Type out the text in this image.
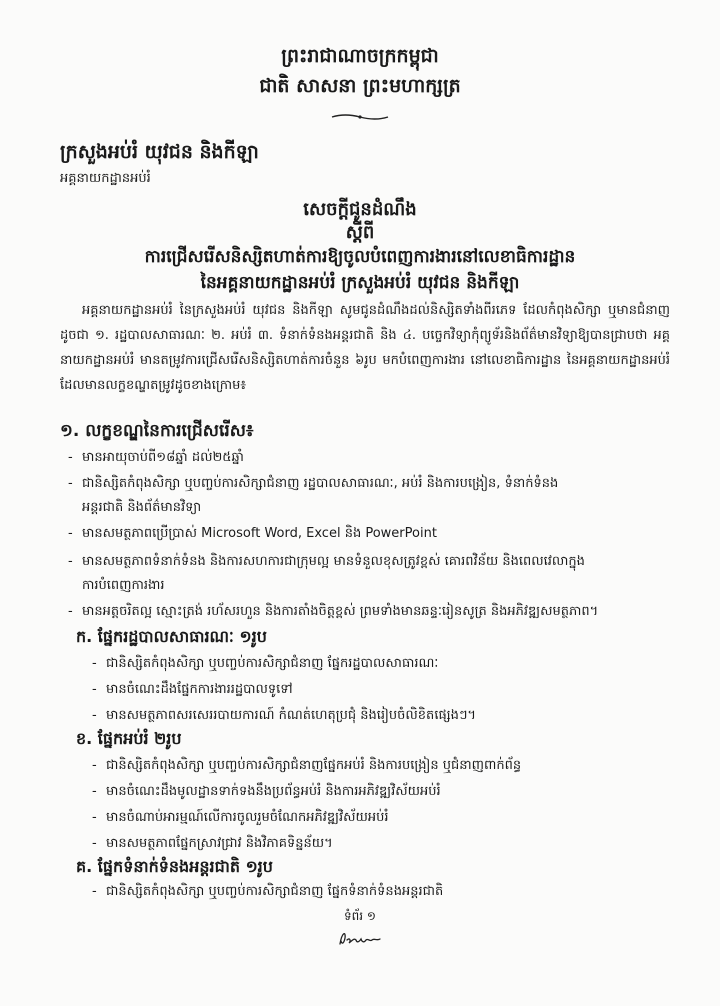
ព្រះរាជាណាចក្រកម្ពុជា
ជាតិ សាសនា ព្រះមហាក្សត្រ
ក្រសួងអប់រំ យុវជន និងកីឡា
អគ្គនាយកដ្ឋានអប់រំ
សេចក្តីជូនដំណឹង
ស្តីពី
ការជ្រើសរើសនិស្សិតហាត់ការឱ្យចូលបំពេញការងារនៅលេខាធិការដ្ឋាន
នៃអគ្គនាយកដ្ឋានអប់រំ ក្រសួងអប់រំ យុវជន និងកីឡា

អគ្គនាយកដ្ឋានអប់រំ នៃក្រសួងអប់រំ យុវជន និងកីឡា សូមជូនដំណឹងដល់និស្សិតទាំងពីរភេទ ដែលកំពុងសិក្សា ឬមានជំនាញដូចជា ១. រដ្ឋបាលសាធារណៈ ២. អប់រំ ៣. ទំនាក់ទំនងអន្តរជាតិ និង ៤. បច្ចេកវិទ្យាកុំព្យូទ័រនិងព័ត៌មានវិទ្យាឱ្យបានជ្រាបថា អគ្គនាយកដ្ឋានអប់រំ មានតម្រូវការជ្រើសរើសនិស្សិតហាត់ការចំនួន ៦រូប មកបំពេញការងារ នៅលេខាធិការដ្ឋាន នៃអគ្គនាយកដ្ឋានអប់រំ ដែលមានលក្ខខណ្ឌតម្រូវដូចខាងក្រោម៖

១. លក្ខខណ្ឌនៃការជ្រើសរើស៖
- មានអាយុចាប់ពី១៨ឆ្នាំ ដល់២៥ឆ្នាំ
- ជានិស្សិតកំពុងសិក្សា ឬបញ្ចប់ការសិក្សាជំនាញ រដ្ឋបាលសាធារណៈ, អប់រំ និងការបង្រៀន, ទំនាក់ទំនង
អន្តរជាតិ និងព័ត៌មានវិទ្យា
- មានសមត្ថភាពប្រើប្រាស់ Microsoft Word, Excel និង PowerPoint
- មានសមត្ថភាពទំនាក់ទំនង និងការសហការជាក្រុមល្អ មានទំនួលខុសត្រូវខ្ពស់ គោរពវិន័យ និងពេលវេលាក្នុង
ការបំពេញការងារ
- មានអត្តចរិតល្អ ស្មោះត្រង់ រហ័សរហួន និងការតាំងចិត្តខ្ពស់ ព្រមទាំងមានឆន្ទៈរៀនសូត្រ និងអភិវឌ្ឍសមត្ថភាព។
ក. ផ្នែករដ្ឋបាលសាធារណៈ ១រូប
- ជានិស្សិតកំពុងសិក្សា ឬបញ្ចប់ការសិក្សាជំនាញ ផ្នែករដ្ឋបាលសាធារណៈ
- មានចំណេះដឹងផ្នែកការងាររដ្ឋបាលទូទៅ
- មានសមត្ថភាពសរសេររបាយការណ៍ កំណត់ហេតុប្រជុំ និងរៀបចំលិខិតផ្សេងៗ។
ខ. ផ្នែកអប់រំ ២រូប
- ជានិស្សិតកំពុងសិក្សា ឬបញ្ចប់ការសិក្សាជំនាញផ្នែកអប់រំ និងការបង្រៀន ឬជំនាញពាក់ព័ន្ធ
- មានចំណេះដឹងមូលដ្ឋានទាក់ទងនឹងប្រព័ន្ធអប់រំ និងការអភិវឌ្ឍវិស័យអប់រំ
- មានចំណាប់អារម្មណ៍លើការចូលរួមចំណែកអភិវឌ្ឍវិស័យអប់រំ
- មានសមត្ថភាពផ្នែកស្រាវជ្រាវ និងវិភាគទិន្នន័យ។
គ. ផ្នែកទំនាក់ទំនងអន្តរជាតិ ១រូប
- ជានិស្សិតកំពុងសិក្សា ឬបញ្ចប់ការសិក្សាជំនាញ ផ្នែកទំនាក់ទំនងអន្តរជាតិ
ទំព័រ ១
